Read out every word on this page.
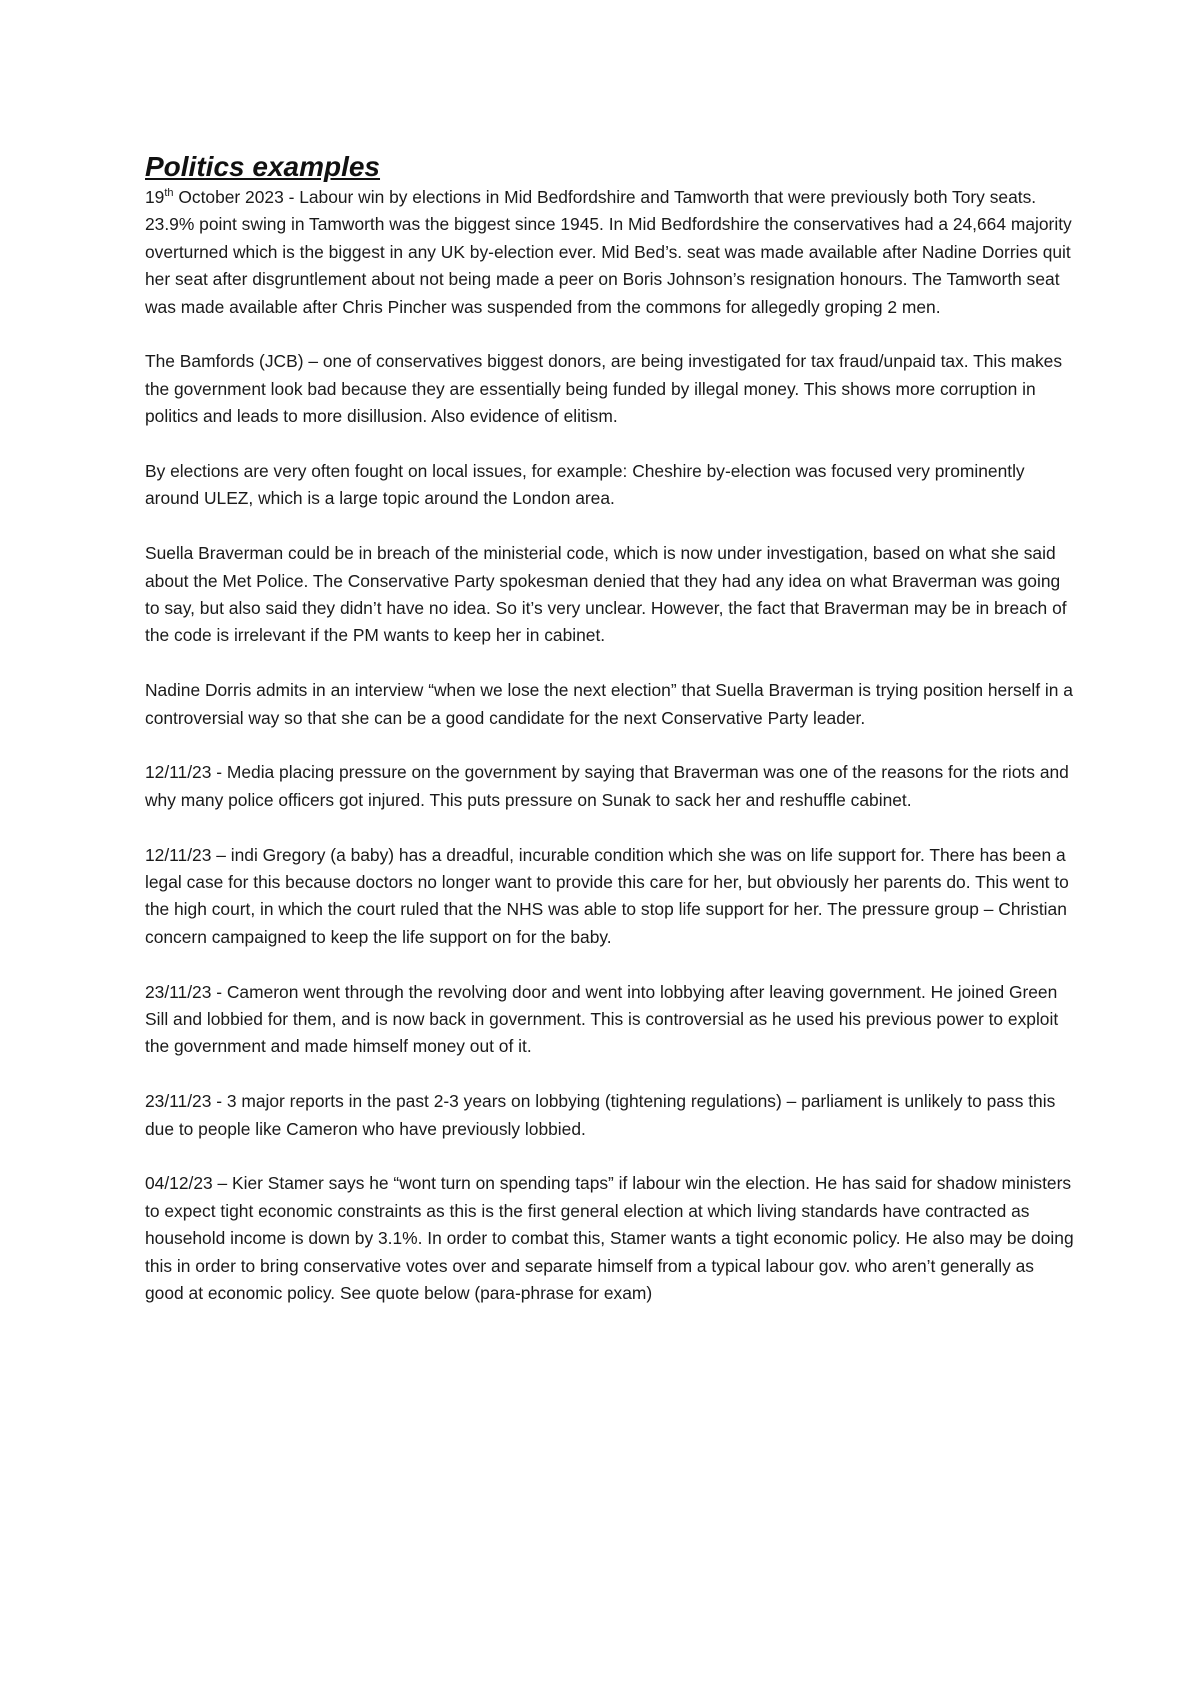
Politics examples

19th October 2023 - Labour win by elections in Mid Bedfordshire and Tamworth that were previously both Tory seats. 23.9% point swing in Tamworth was the biggest since 1945. In Mid Bedfordshire the conservatives had a 24,664 majority overturned which is the biggest in any UK by-election ever. Mid Bed’s. seat was made available after Nadine Dorries quit her seat after disgruntlement about not being made a peer on Boris Johnson’s resignation honours. The Tamworth seat was made available after Chris Pincher was suspended from the commons for allegedly groping 2 men.

The Bamfords (JCB) – one of conservatives biggest donors, are being investigated for tax fraud/unpaid tax. This makes the government look bad because they are essentially being funded by illegal money. This shows more corruption in politics and leads to more disillusion. Also evidence of elitism.

By elections are very often fought on local issues, for example: Cheshire by-election was focused very prominently around ULEZ, which is a large topic around the London area.

Suella Braverman could be in breach of the ministerial code, which is now under investigation, based on what she said about the Met Police. The Conservative Party spokesman denied that they had any idea on what Braverman was going to say, but also said they didn’t have no idea. So it’s very unclear. However, the fact that Braverman may be in breach of the code is irrelevant if the PM wants to keep her in cabinet.

Nadine Dorris admits in an interview “when we lose the next election” that Suella Braverman is trying position herself in a controversial way so that she can be a good candidate for the next Conservative Party leader.

12/11/23 - Media placing pressure on the government by saying that Braverman was one of the reasons for the riots and why many police officers got injured. This puts pressure on Sunak to sack her and reshuffle cabinet.

12/11/23 – indi Gregory (a baby) has a dreadful, incurable condition which she was on life support for. There has been a legal case for this because doctors no longer want to provide this care for her, but obviously her parents do. This went to the high court, in which the court ruled that the NHS was able to stop life support for her. The pressure group – Christian concern campaigned to keep the life support on for the baby.

23/11/23 - Cameron went through the revolving door and went into lobbying after leaving government. He joined Green Sill and lobbied for them, and is now back in government. This is controversial as he used his previous power to exploit the government and made himself money out of it.

23/11/23 - 3 major reports in the past 2-3 years on lobbying (tightening regulations) – parliament is unlikely to pass this due to people like Cameron who have previously lobbied.

04/12/23 – Kier Stamer says he “wont turn on spending taps” if labour win the election. He has said for shadow ministers to expect tight economic constraints as this is the first general election at which living standards have contracted as household income is down by 3.1%. In order to combat this, Stamer wants a tight economic policy. He also may be doing this in order to bring conservative votes over and separate himself from a typical labour gov. who aren’t generally as good at economic policy. See quote below (para-phrase for exam)
